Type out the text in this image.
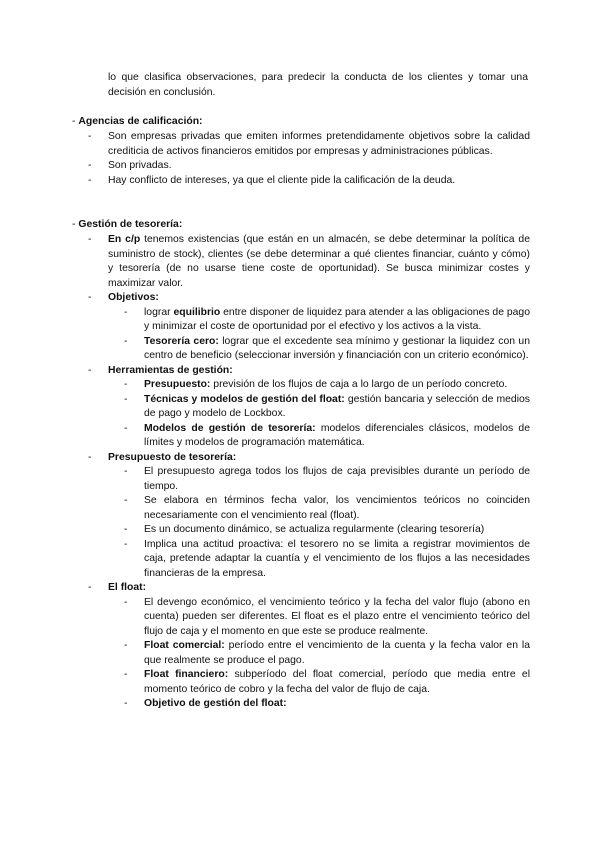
lo que clasifica observaciones, para predecir la conducta de los clientes y tomar una decisión en conclusión.

- Agencias de calificación:

- Son empresas privadas que emiten informes pretendidamente objetivos sobre la calidad crediticia de activos financieros emitidos por empresas y administraciones públicas.

- Son privadas.

- Hay conflicto de intereses, ya que el cliente pide la calificación de la deuda.

- Gestión de tesorería:

- En c/p tenemos existencias (que están en un almacén, se debe determinar la política de suministro de stock), clientes (se debe determinar a qué clientes financiar, cuánto y cómo) y tesorería (de no usarse tiene coste de oportunidad). Se busca minimizar costes y maximizar valor.

- Objetivos:

- lograr equilibrio entre disponer de liquidez para atender a las obligaciones de pago y minimizar el coste de oportunidad por el efectivo y los activos a la vista.

- Tesorería cero: lograr que el excedente sea mínimo y gestionar la liquidez con un centro de beneficio (seleccionar inversión y financiación con un criterio económico).

- Herramientas de gestión:

- Presupuesto: previsión de los flujos de caja a lo largo de un período concreto.

- Técnicas y modelos de gestión del float: gestión bancaria y selección de medios de pago y modelo de Lockbox.

- Modelos de gestión de tesorería: modelos diferenciales clásicos, modelos de límites y modelos de programación matemática.

- Presupuesto de tesorería:

- El presupuesto agrega todos los flujos de caja previsibles durante un período de tiempo.

- Se elabora en términos fecha valor, los vencimientos teóricos no coinciden necesariamente con el vencimiento real (float).

- Es un documento dinámico, se actualiza regularmente (clearing tesorería)

- Implica una actitud proactiva: el tesorero no se limita a registrar movimientos de caja, pretende adaptar la cuantía y el vencimiento de los flujos a las necesidades financieras de la empresa.

- El float:

- El devengo económico, el vencimiento teórico y la fecha del valor flujo (abono en cuenta) pueden ser diferentes. El float es el plazo entre el vencimiento teórico del flujo de caja y el momento en que este se produce realmente.

- Float comercial: período entre el vencimiento de la cuenta y la fecha valor en la que realmente se produce el pago.

- Float financiero: subperíodo del float comercial, período que media entre el momento teórico de cobro y la fecha del valor de flujo de caja.

- Objetivo de gestión del float:
